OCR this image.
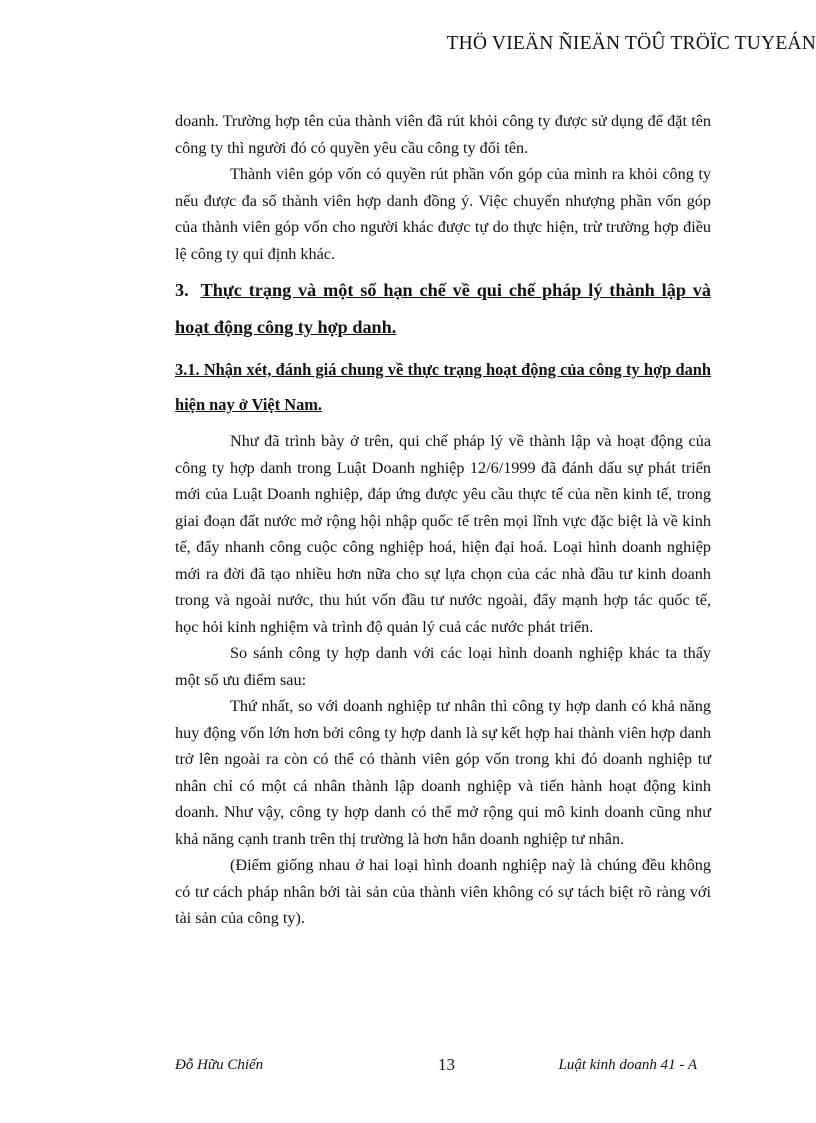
THÖ VIEÄN ÑIEÄN TÖÛ TRÖÏC TUYEÁN

doanh. Trường hợp tên của thành viên đã rút khỏi công ty được sử dụng để đặt tên công ty thì người đó có quyền yêu cầu công ty đổi tên.

Thành viên góp vốn có quyền rút phần vốn góp của mình ra khỏi công ty nếu được đa số thành viên hợp danh đồng ý. Việc chuyển nhượng phần vốn góp của thành viên góp vốn cho người khác được tự do thực hiện, trừ trường hợp điều lệ công ty qui định khác.

3. Thực trạng và một số hạn chế về qui chế pháp lý thành lập và hoạt động công ty hợp danh.
3.1. Nhận xét, đánh giá chung về thực trạng hoạt động của công ty hợp danh hiện nay ở Việt Nam.

Như đã trình bày ở trên, qui chế pháp lý về thành lập và hoạt động của công ty hợp danh trong Luật Doanh nghiệp 12/6/1999 đã đánh dấu sự phát triển mới của Luật Doanh nghiệp, đáp ứng được yêu cầu thực tế của nền kinh tế, trong giai đoạn đất nước mở rộng hội nhập quốc tế trên mọi lĩnh vực đặc biệt là về kinh tế, đẩy nhanh công cuộc công nghiệp hoá, hiện đại hoá. Loại hình doanh nghiệp mới ra đời đã tạo nhiều hơn nữa cho sự lựa chọn của các nhà đầu tư kinh doanh trong và ngoài nước, thu hút vốn đầu tư nước ngoài, đẩy mạnh hợp tác quốc tế, học hỏi kinh nghiệm và trình độ quản lý cuả các nước phát triển.

So sánh công ty hợp danh với các loại hình doanh nghiệp khác ta thấy một số ưu điểm sau:

Thứ nhất, so với doanh nghiệp tư nhân thì công ty hợp danh có khả năng huy động vốn lớn hơn bởi công ty hợp danh là sự kết hợp hai thành viên hợp danh trở lên ngoài ra còn có thể có thành viên góp vốn trong khi đó doanh nghiệp tư nhân chỉ có một cá nhân thành lập doanh nghiệp và tiến hành hoạt động kinh doanh. Như vậy, công ty hợp danh có thể mở rộng qui mô kinh doanh cũng như khả năng cạnh tranh trên thị trường là hơn hẳn doanh nghiệp tư nhân.

(Điểm giống nhau ở hai loại hình doanh nghiệp naỳ là chúng đều không có tư cách pháp nhân bởi tài sản của thành viên không có sự tách biệt rõ ràng với tài sản của công ty).

Đỗ Hữu Chiến	13	Luật kinh doanh 41 - A
